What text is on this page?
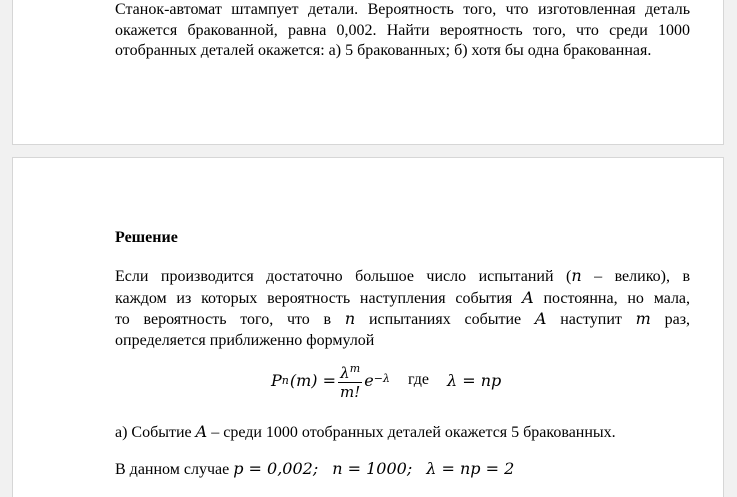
Станок-автомат штампует детали. Вероятность того, что изготовленная деталь
окажется бракованной, равна 0,002. Найти вероятность того, что среди 1000
отобранных деталей окажется: а) 5 бракованных; б) хотя бы одна бракованная.

Решение

Если производится достаточно большое число испытаний (n – велико), в
каждом из которых вероятность наступления события A постоянна, но мала,
то вероятность того, что в n испытаниях событие A наступит m раз,
определяется приближенно формулой
P n $(m) = \frac{\lambda^m}{m!} e^{-\lambda}$ где λ = np
а) Событие A – среди 1000 отобранных деталей окажется 5 бракованных.
В данном случае p = 0,002; n = 1000; λ = np = 2
